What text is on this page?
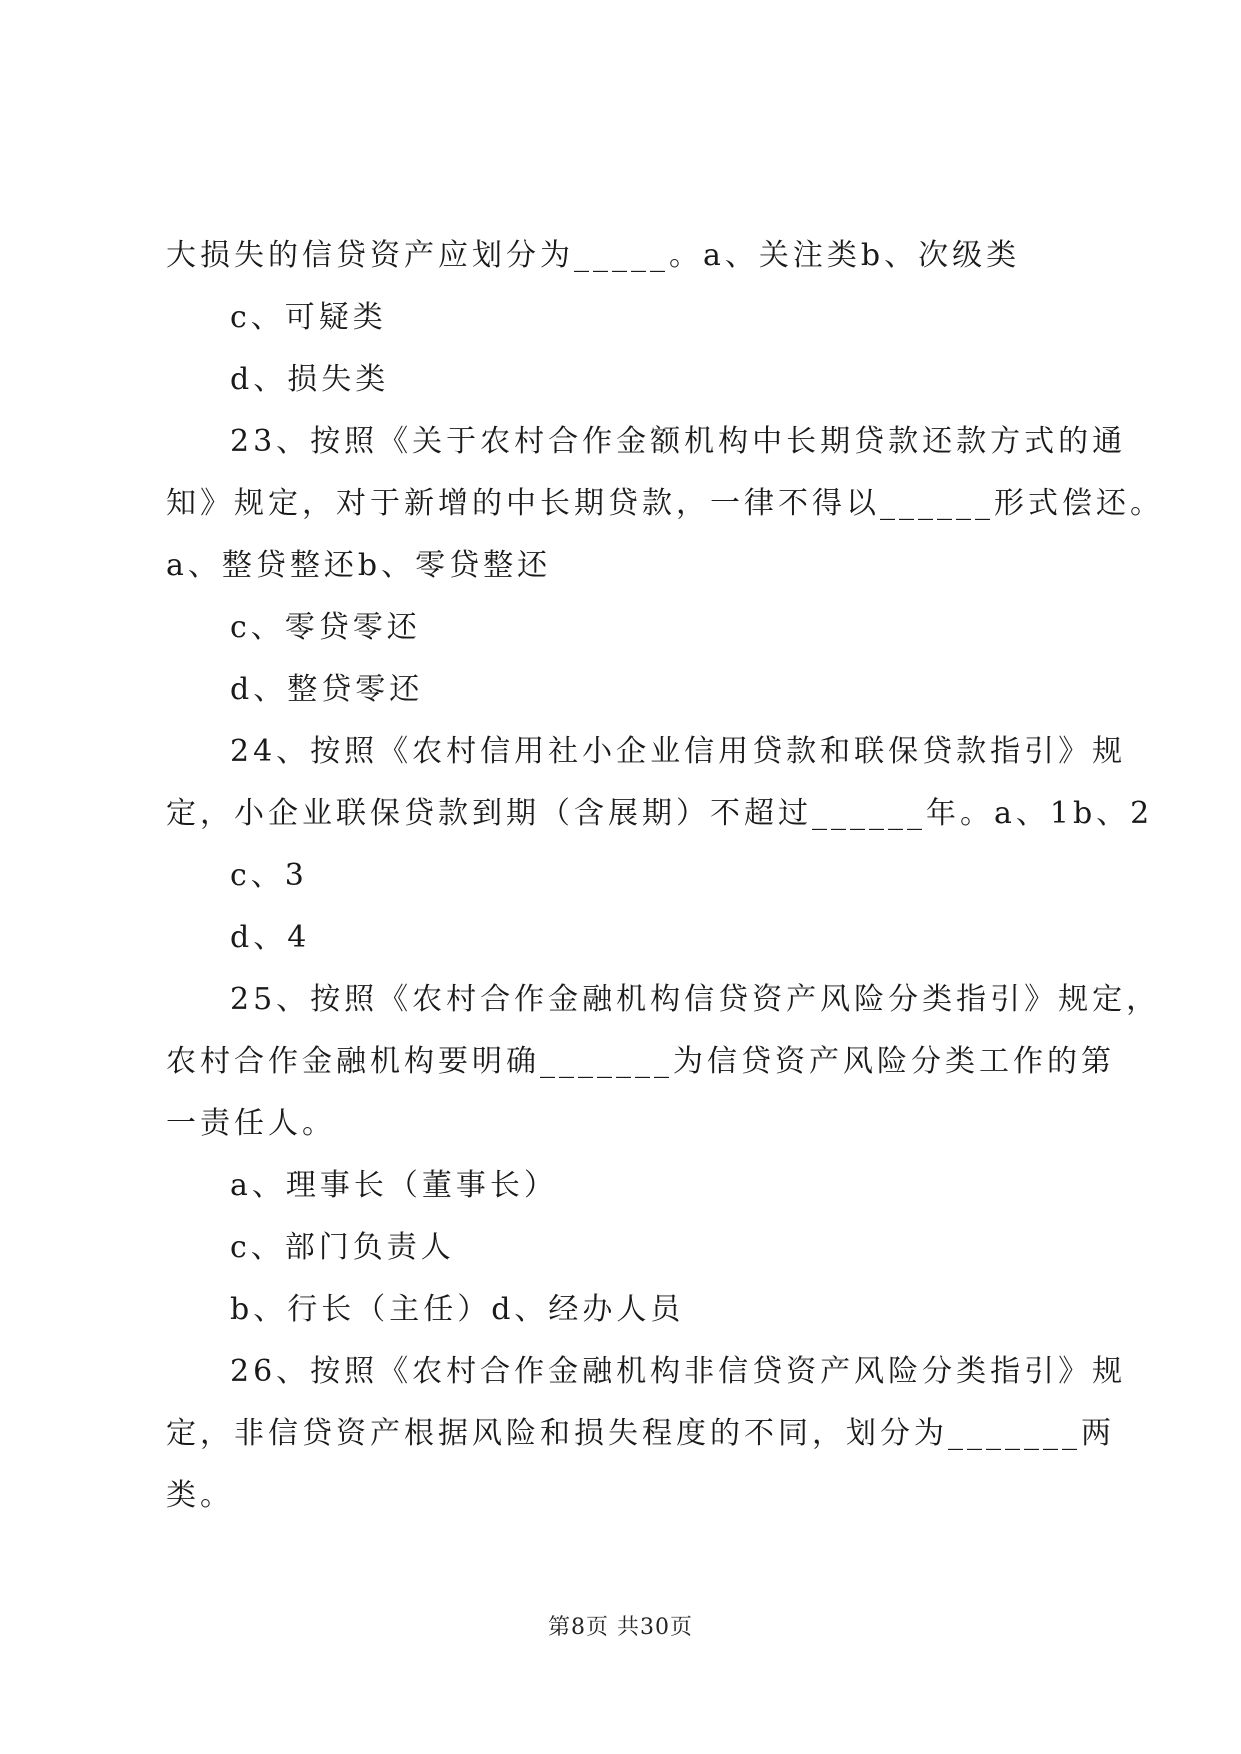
大损失的信贷资产应划分为_____。a、关注类b、次级类
c、可疑类
d、损失类
23、按照《关于农村合作金额机构中长期贷款还款方式的通
知》规定，对于新增的中长期贷款，一律不得以______形式偿还。
a、整贷整还b、零贷整还
c、零贷零还
d、整贷零还
24、按照《农村信用社小企业信用贷款和联保贷款指引》规
定，小企业联保贷款到期（含展期）不超过______年。a、1b、2
c、3
d、4
25、按照《农村合作金融机构信贷资产风险分类指引》规定，
农村合作金融机构要明确_______为信贷资产风险分类工作的第
一责任人。
a、理事长（董事长）
c、部门负责人
b、行长（主任）d、经办人员
26、按照《农村合作金融机构非信贷资产风险分类指引》规
定，非信贷资产根据风险和损失程度的不同，划分为_______两
类。
第8页 共30页
